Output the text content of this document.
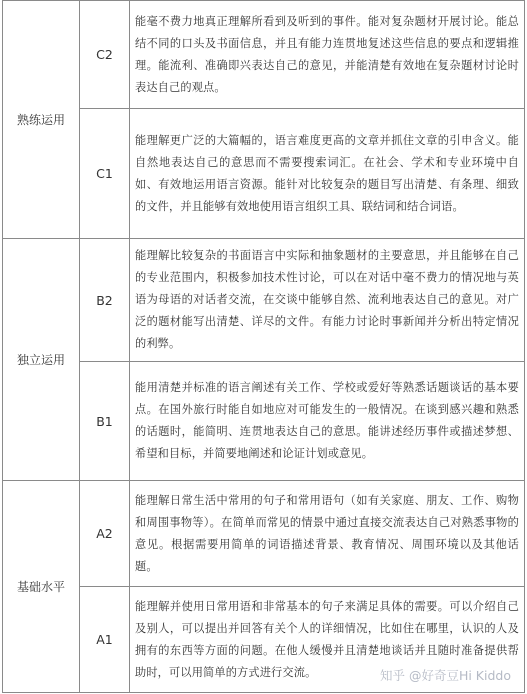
熟练运用	C2	能毫不费力地真正理解所看到及听到的事件。能对复杂题材开展讨论。能总结不同的口头及书面信息，并且有能力连贯地复述这些信息的要点和逻辑推理。能流利、准确即兴表达自己的意见，并能清楚有效地在复杂题材讨论时表达自己的观点。

	C1	能理解更广泛的大篇幅的，语言难度更高的文章并抓住文章的引申含义。能自然地表达自己的意思而不需要搜索词汇。在社会、学术和专业环境中自如、有效地运用语言资源。能针对比较复杂的题目写出清楚、有条理、细致的文件，并且能够有效地使用语言组织工具、联结词和结合词语。

独立运用	B2	能理解比较复杂的书面语言中实际和抽象题材的主要意思，并且能够在自己的专业范围内，积极参加技术性讨论，可以在对话中毫不费力的情况地与英语为母语的对话者交流，在交谈中能够自然、流利地表达自己的意见。对广泛的题材能写出清楚、详尽的文件。有能力讨论时事新闻并分析出特定情况的利弊。

	B1	能用清楚并标准的语言阐述有关工作、学校或爱好等熟悉话题谈话的基本要点。在国外旅行时能自如地应对可能发生的一般情况。在谈到感兴趣和熟悉的话题时，能简明、连贯地表达自己的意思。能讲述经历事件或描述梦想、希望和目标，并简要地阐述和论证计划或意见。

基础水平	A2	能理解日常生活中常用的句子和常用语句（如有关家庭、朋友、工作、购物和周围事物等）。在简单而常见的情景中通过直接交流表达自己对熟悉事物的意见。根据需要用简单的词语描述背景、教育情况、周围环境以及其他话题。

	A1	能理解并使用日常用语和非常基本的句子来满足具体的需要。可以介绍自己及别人，可以提出并回答有关个人的详细情况，比如住在哪里，认识的人及拥有的东西等方面的问题。在他人缓慢并且清楚地谈话并且随时准备提供帮助时，可以用简单的方式进行交流。	知乎 @好奇豆Hi Kiddo
